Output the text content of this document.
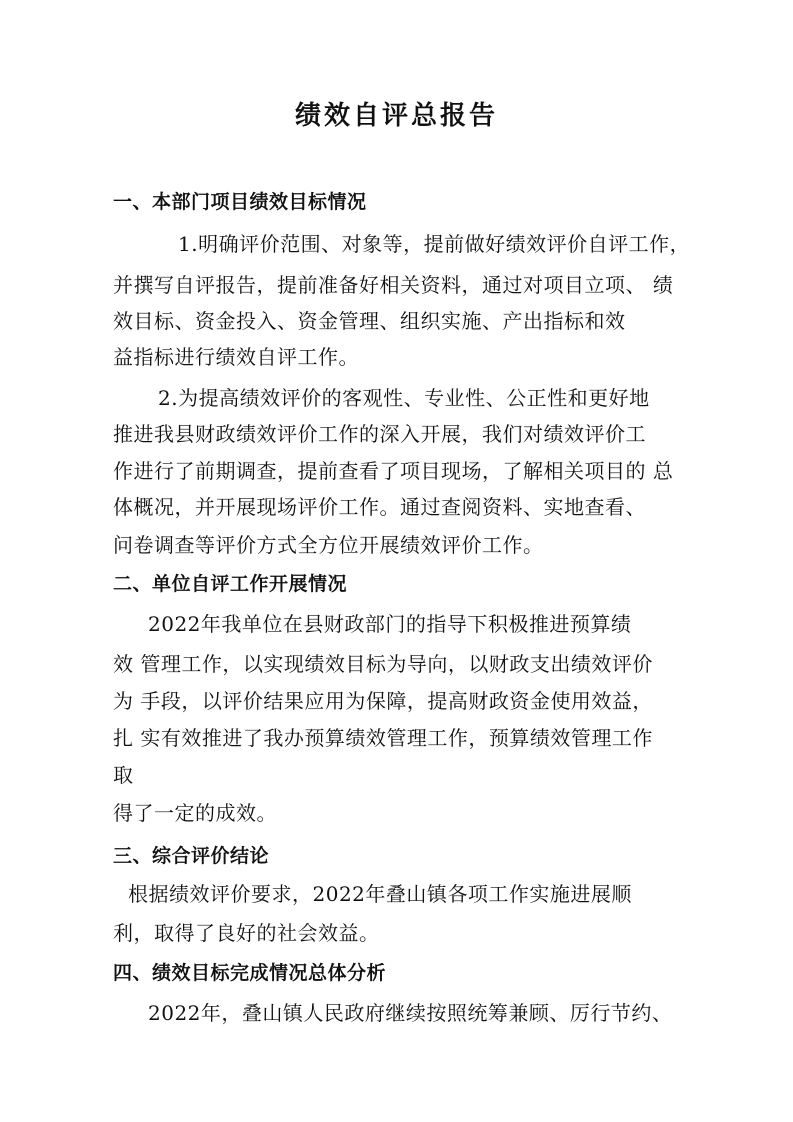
绩效自评总报告
一、本部门项目绩效目标情况
1.明确评价范围、对象等，提前做好绩效评价自评工作，
并撰写自评报告，提前准备好相关资料，通过对项目立项、 绩
效目标、资金投入、资金管理、组织实施、产出指标和效
益指标进行绩效自评工作。
2.为提高绩效评价的客观性、专业性、公正性和更好地
推进我县财政绩效评价工作的深入开展，我们对绩效评价工
作进行了前期调查，提前查看了项目现场，了解相关项目的 总
体概况，并开展现场评价工作。通过查阅资料、实地查看、
问卷调查等评价方式全方位开展绩效评价工作。
二、单位自评工作开展情况
2022年我单位在县财政部门的指导下积极推进预算绩
效 管理工作，以实现绩效目标为导向，以财政支出绩效评价
为 手段，以评价结果应用为保障，提高财政资金使用效益，
扎 实有效推进了我办预算绩效管理工作，预算绩效管理工作
取
得了一定的成效。
三、综合评价结论
根据绩效评价要求，2022年叠山镇各项工作实施进展顺
利，取得了良好的社会效益。
四、绩效目标完成情况总体分析
2022年，叠山镇人民政府继续按照统筹兼顾、厉行节约、
